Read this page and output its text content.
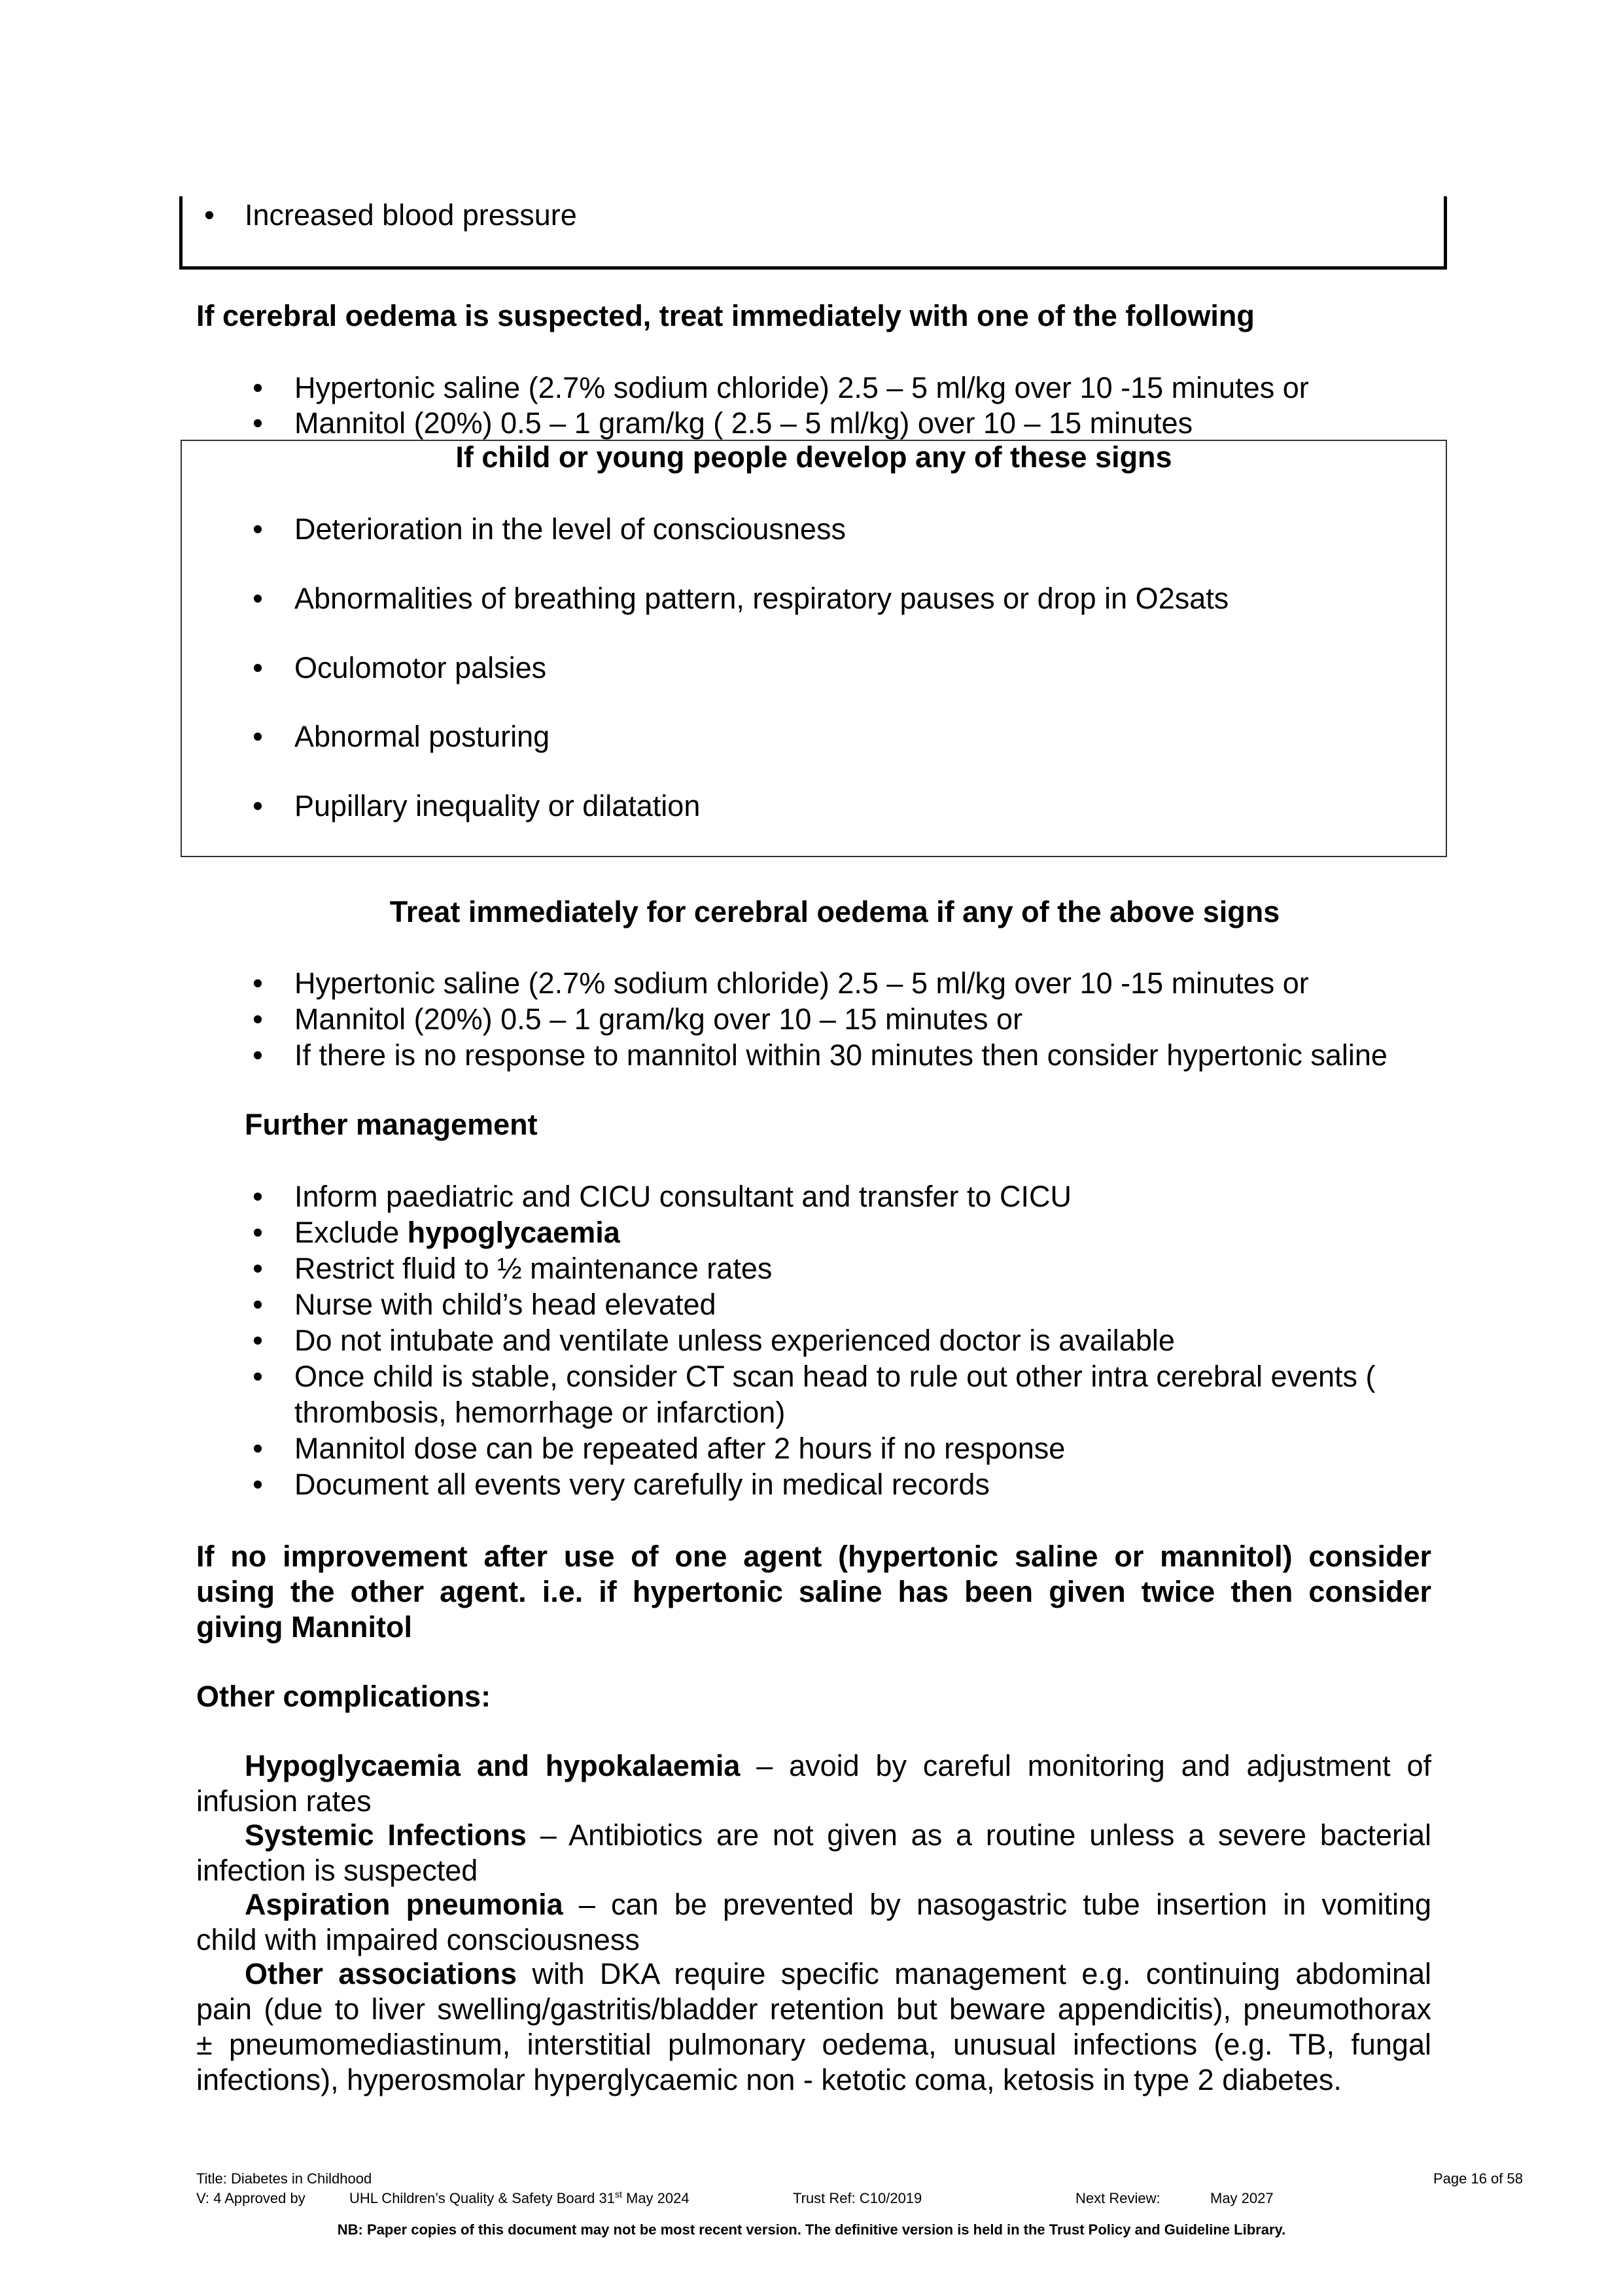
• Increased blood pressure
If cerebral oedema is suspected, treat immediately with one of the following
• Hypertonic saline (2.7% sodium chloride) 2.5 – 5 ml/kg over 10 -15 minutes or
• Mannitol (20%) 0.5 – 1 gram/kg ( 2.5 – 5 ml/kg) over 10 – 15 minutes
If child or young people develop any of these signs
• Deterioration in the level of consciousness
• Abnormalities of breathing pattern, respiratory pauses or drop in O2sats
• Oculomotor palsies
• Abnormal posturing
• Pupillary inequality or dilatation
Treat immediately for cerebral oedema if any of the above signs
• Hypertonic saline (2.7% sodium chloride) 2.5 – 5 ml/kg over 10 -15 minutes or
• Mannitol (20%) 0.5 – 1 gram/kg over 10 – 15 minutes or
• If there is no response to mannitol within 30 minutes then consider hypertonic saline
Further management
• Inform paediatric and CICU consultant and transfer to CICU
• Exclude hypoglycaemia
• Restrict fluid to ½ maintenance rates
• Nurse with child’s head elevated
• Do not intubate and ventilate unless experienced doctor is available
• Once child is stable, consider CT scan head to rule out other intra cerebral events (
thrombosis, hemorrhage or infarction)
• Mannitol dose can be repeated after 2 hours if no response
• Document all events very carefully in medical records
If no improvement after use of one agent (hypertonic saline or mannitol) consider
using the other agent. i.e. if hypertonic saline has been given twice then consider
giving Mannitol
Other complications:
Hypoglycaemia and hypokalaemia – avoid by careful monitoring and adjustment of
infusion rates
Systemic Infections – Antibiotics are not given as a routine unless a severe bacterial
infection is suspected
Aspiration pneumonia – can be prevented by nasogastric tube insertion in vomiting
child with impaired consciousness
Other associations with DKA require specific management e.g. continuing abdominal
pain (due to liver swelling/gastritis/bladder retention but beware appendicitis), pneumothorax
± pneumomediastinum, interstitial pulmonary oedema, unusual infections (e.g. TB, fungal
infections), hyperosmolar hyperglycaemic non - ketotic coma, ketosis in type 2 diabetes.
Title: Diabetes in Childhood	Page 16 of 58
V: 4 Approved by	UHL Children’s Quality & Safety Board 31st May 2024	Trust Ref: C10/2019	Next Review:	May 2027
NB: Paper copies of this document may not be most recent version. The definitive version is held in the Trust Policy and Guideline Library.
